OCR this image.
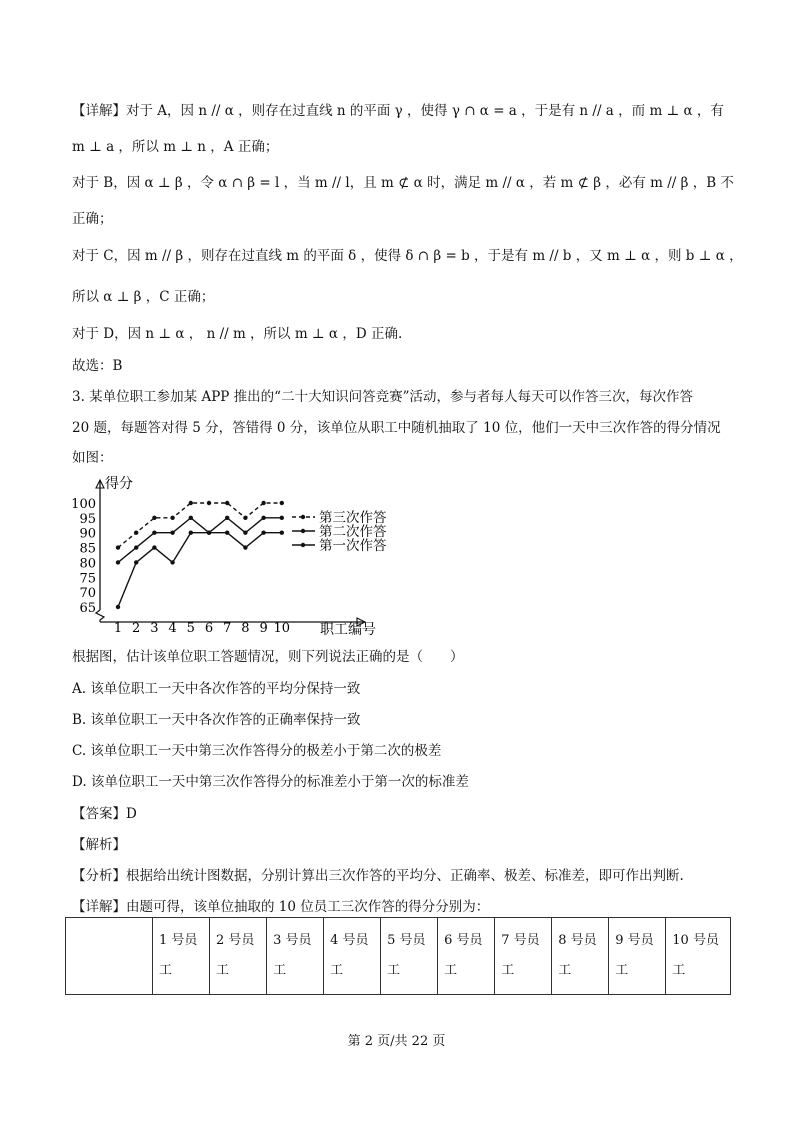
【详解】对于 A，因 n // α ，则存在过直线 n 的平面 γ ，使得 γ ∩ α = a ，于是有 n // a ，而 m ⊥ α ，有
m ⊥ a ，所以 m ⊥ n ，A 正确；
对于 B，因 α ⊥ β ，令 α ∩ β = l ，当 m // l，且 m ⊄ α 时，满足 m // α ，若 m ⊄ β ，必有 m // β ，B 不
正确；
对于 C，因 m // β ，则存在过直线 m 的平面 δ ，使得 δ ∩ β = b ，于是有 m // b ，又 m ⊥ α ，则 b ⊥ α ，
所以 α ⊥ β ，C 正确；
对于 D，因 n ⊥ α ， n // m ，所以 m ⊥ α ，D 正确.
故选：B
3. 某单位职工参加某 APP 推出的“二十大知识问答竞赛”活动，参与者每人每天可以作答三次，每次作答
20 题，每题答对得 5 分，答错得 0 分，该单位从职工中随机抽取了 10 位，他们一天中三次作答的得分情况
如图：
根据图，估计该单位职工答题情况，则下列说法正确的是（　　）
A. 该单位职工一天中各次作答的平均分保持一致
B. 该单位职工一天中各次作答的正确率保持一致
C. 该单位职工一天中第三次作答得分的极差小于第二次的极差
D. 该单位职工一天中第三次作答得分的标准差小于第一次的标准差
【答案】D
【解析】
【分析】根据给出统计图数据，分别计算出三次作答的平均分、正确率、极差、标准差，即可作出判断.
【详解】由题可得，该单位抽取的 10 位员工三次作答的得分分别为：
得分
职工编号
65
70
75
80
85
90
95
100
1 2 3 4 5 6 7 8 9 10
第三次作答
第二次作答
第一次作答
	1 号员工	2 号员工	3 号员工	4 号员工	5 号员工	6 号员工	7 号员工	8 号员工	9 号员工	10 号员工
第 2 页/共 22 页
